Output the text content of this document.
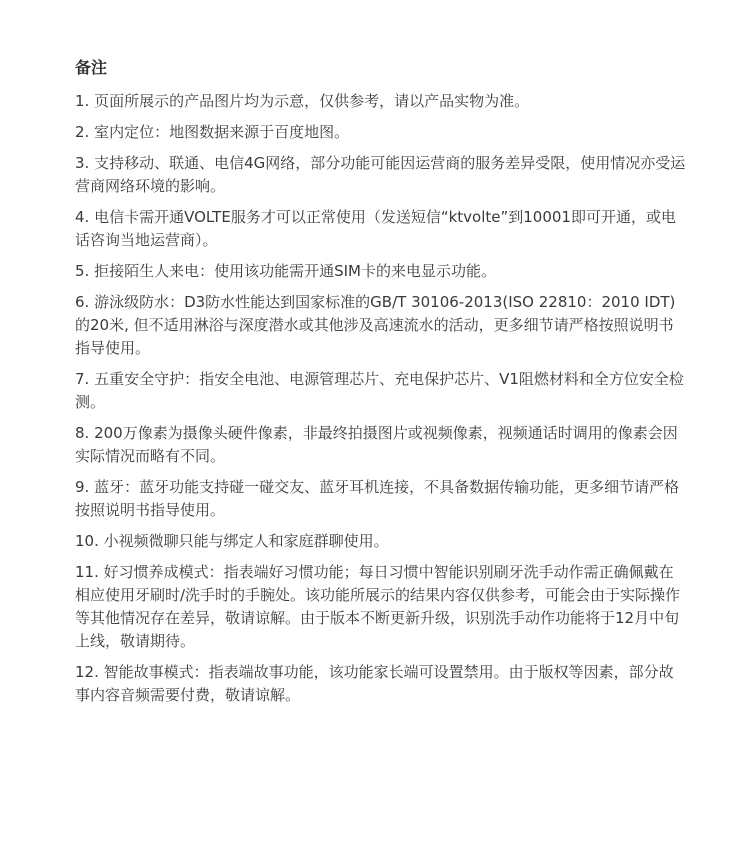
备注
1. 页面所展示的产品图片均为示意，仅供参考，请以产品实物为准。
2. 室内定位：地图数据来源于百度地图。
3. 支持移动、联通、电信4G网络，部分功能可能因运营商的服务差异受限，使用情况亦受运营商网络环境的影响。
4. 电信卡需开通VOLTE服务才可以正常使用（发送短信“ktvolte”到10001即可开通，或电话咨询当地运营商）。
5. 拒接陌生人来电：使用该功能需开通SIM卡的来电显示功能。
6. 游泳级防水：D3防水性能达到国家标准的GB/T 30106-2013(ISO 22810：2010 IDT)的20米, 但不适用淋浴与深度潜水或其他涉及高速流水的活动，更多细节请严格按照说明书指导使用。
7. 五重安全守护：指安全电池、电源管理芯片、充电保护芯片、V1阻燃材料和全方位安全检测。
8. 200万像素为摄像头硬件像素，非最终拍摄图片或视频像素，视频通话时调用的像素会因实际情况而略有不同。
9. 蓝牙：蓝牙功能支持碰一碰交友、蓝牙耳机连接，不具备数据传输功能，更多细节请严格按照说明书指导使用。
10. 小视频微聊只能与绑定人和家庭群聊使用。
11. 好习惯养成模式：指表端好习惯功能；每日习惯中智能识别刷牙洗手动作需正确佩戴在相应使用牙刷时/洗手时的手腕处。该功能所展示的结果内容仅供参考，可能会由于实际操作等其他情况存在差异，敬请谅解。由于版本不断更新升级，识别洗手动作功能将于12月中旬上线，敬请期待。
12. 智能故事模式：指表端故事功能，该功能家长端可设置禁用。由于版权等因素，部分故事内容音频需要付费，敬请谅解。
